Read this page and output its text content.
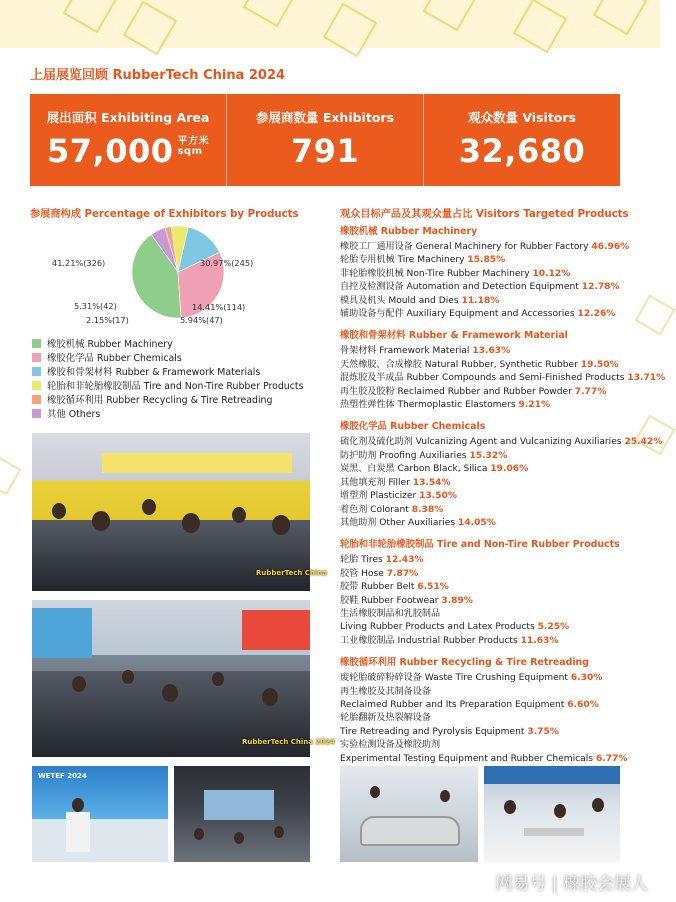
上届展览回顾 RubberTech China 2024
展出面积 Exhibiting Area
57,000 平方米
sqm
参展商数量 Exhibitors
791
观众数量 Visitors
32,680
参展商构成 Percentage of Exhibitors by Products
41.21%(326)	30.97%(245)
14.41%(114)
5.94%(47)
2.15%(17)
5.31%(42)
橡胶机械 Rubber Machinery
橡胶化学品 Rubber Chemicals
橡胶和骨架材料 Rubber & Framework Materials
轮胎和非轮胎橡胶制品 Tire and Non-Tire Rubber Products
橡胶循环利用 Rubber Recycling & Tire Retreading
其他 Others
RubberTech China
RubberTech China 2024
WETEF 2024
观众目标产品及其观众量占比 Visitors Targeted Products
橡胶机械 Rubber Machinery
橡胶工厂通用设备 General Machinery for Rubber Factory 46.96%
轮胎专用机械 Tire Machinery 15.85%
非轮胎橡胶机械 Non-Tire Rubber Machinery 10.12%
自控及检测设备 Automation and Detection Equipment 12.78%
模具及机头 Mould and Dies 11.18%
辅助设备与配件 Auxiliary Equipment and Accessories 12.26%
橡胶和骨架材料 Rubber & Framework Material
骨架材料 Framework Material 13.63%
天然橡胶、合成橡胶 Natural Rubber, Synthetic Rubber 19.50%
混炼胶及半成品 Rubber Compounds and Semi-Finished Products 13.71%
再生胶及胶粉 Reclaimed Rubber and Rubber Powder 7.77%
热塑性弹性体 Thermoplastic Elastomers 9.21%
橡胶化学品 Rubber Chemicals
硫化剂及硫化助剂 Vulcanizing Agent and Vulcanizing Auxiliaries 25.42%
防护助剂 Proofing Auxiliaries 15.32%
炭黑、白炭黑 Carbon Black, Silica 19.06%
其他填充剂 Filler 13.54%
增塑剂 Plasticizer 13.50%
着色剂 Colorant 8.38%
其他助剂 Other Auxiliaries 14.05%
轮胎和非轮胎橡胶制品 Tire and Non-Tire Rubber Products
轮胎 Tires 12.43%
胶管 Hose 7.87%
胶带 Rubber Belt 6.51%
胶鞋 Rubber Footwear 3.89%
生活橡胶制品和乳胶制品
Living Rubber Products and Latex Products 5.25%
工业橡胶制品 Industrial Rubber Products 11.63%
橡胶循环利用 Rubber Recycling & Tire Retreading
废轮胎破碎粉碎设备 Waste Tire Crushing Equipment 6.30%
再生橡胶及其制备设备
Reclaimed Rubber and Its Preparation Equipment 6.60%
轮胎翻新及热裂解设备
Tire Retreading and Pyrolysis Equipment 3.75%
实验检测设备及橡胶助剂
Experimental Testing Equipment and Rubber Chemicals 6.77%
网易号 | 橡胶会展人
